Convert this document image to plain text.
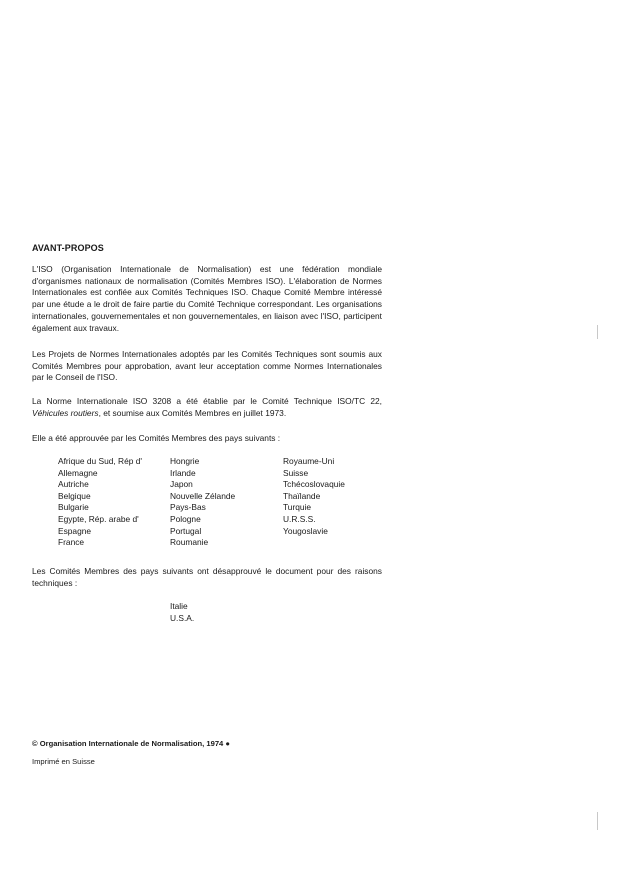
AVANT-PROPOS
L'ISO (Organisation Internationale de Normalisation) est une fédération mondiale d'organismes nationaux de normalisation (Comités Membres ISO). L'élaboration de Normes Internationales est confiée aux Comités Techniques ISO. Chaque Comité Membre intéressé par une étude a le droit de faire partie du Comité Technique correspondant. Les organisations internationales, gouvernementales et non gouvernementales, en liaison avec l'ISO, participent également aux travaux.
Les Projets de Normes Internationales adoptés par les Comités Techniques sont soumis aux Comités Membres pour approbation, avant leur acceptation comme Normes Internationales par le Conseil de l'ISO.
La Norme Internationale ISO 3208 a été établie par le Comité Technique ISO/TC 22, Véhicules routiers, et soumise aux Comités Membres en juillet 1973.
Elle a été approuvée par les Comités Membres des pays suivants :
Afrique du Sud, Rép d'
Allemagne
Autriche
Belgique
Bulgarie
Egypte, Rép. arabe d'
Espagne
France
Hongrie
Irlande
Japon
Nouvelle Zélande
Pays-Bas
Pologne
Portugal
Roumanie
Royaume-Uni
Suisse
Tchécoslovaquie
Thaïlande
Turquie
U.R.S.S.
Yougoslavie
Les Comités Membres des pays suivants ont désapprouvé le document pour des raisons techniques :
Italie
U.S.A.
© Organisation Internationale de Normalisation, 1974 ●
Imprimé en Suisse
